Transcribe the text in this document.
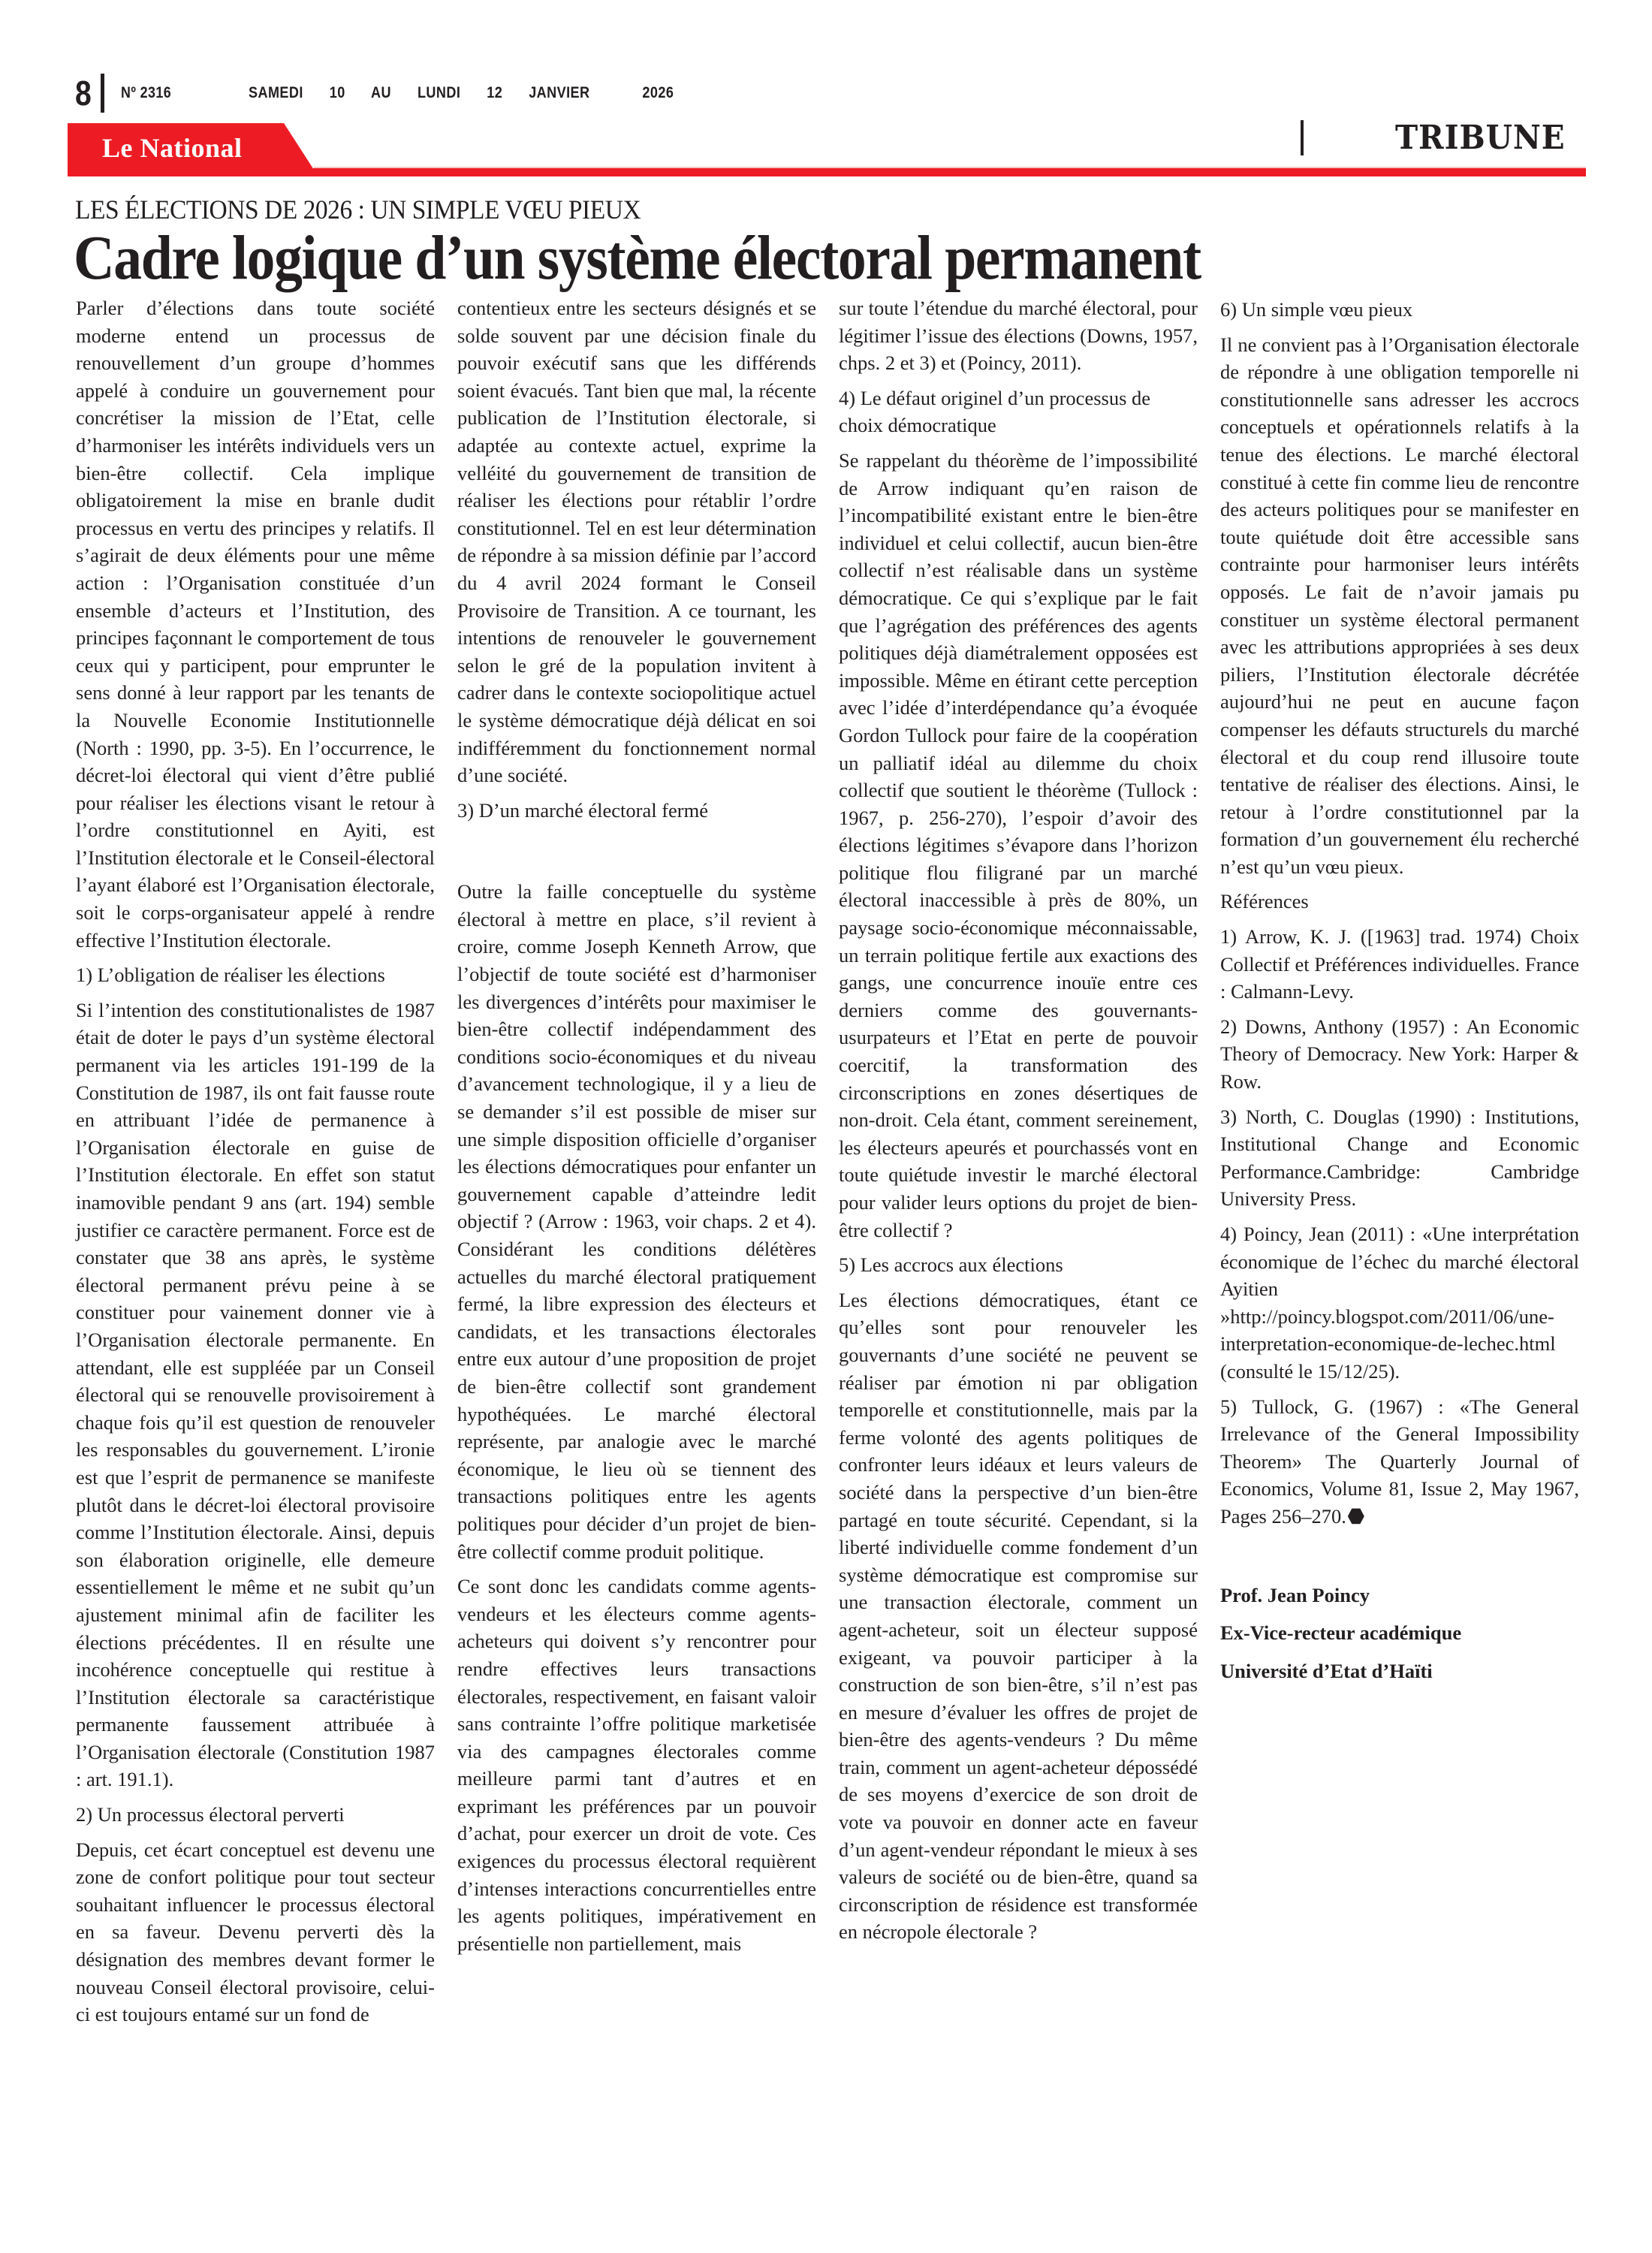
8 Nº 2316	SAMEDI  10  AU  LUNDI  12  JANVIER    2026
Le National	TRIBUNE
LES ÉLECTIONS DE 2026 : UN SIMPLE VŒU PIEUX
Cadre logique d’un système électoral permanent

Parler d’élections dans toute société moderne entend un processus de renouvellement d’un groupe d’hommes appelé à conduire un gouvernement pour concrétiser la mission de l’Etat, celle d’harmoniser les intérêts individuels vers un bien-être collectif. Cela implique obligatoirement la mise en branle dudit processus en vertu des principes y relatifs. Il s’agirait de deux éléments pour une même action : l’Organisation constituée d’un ensemble d’acteurs et l’Institution, des principes façonnant le comportement de tous ceux qui y participent, pour emprunter le sens donné à leur rapport par les tenants de la Nouvelle Economie Institutionnelle (North : 1990, pp. 3-5). En l’occurrence, le décret-loi électoral qui vient d’être publié pour réaliser les élections visant le retour à l’ordre constitutionnel en Ayiti, est l’Institution électorale et le Conseil-électoral l’ayant élaboré est l’Organisation électorale, soit le corps-organisateur appelé à rendre effective l’Institution électorale.

1) L’obligation de réaliser les élections

Si l’intention des constitutionalistes de 1987 était de doter le pays d’un système électoral permanent via les articles 191-199 de la Constitution de 1987, ils ont fait fausse route en attribuant l’idée de permanence à l’Organisation électorale en guise de l’Institution électorale. En effet son statut inamovible pendant 9 ans (art. 194) semble justifier ce caractère permanent. Force est de constater que 38 ans après, le système électoral permanent prévu peine à se constituer pour vainement donner vie à l’Organisation électorale permanente. En attendant, elle est suppléée par un Conseil électoral qui se renouvelle provisoirement à chaque fois qu’il est question de renouveler les responsables du gouvernement. L’ironie est que l’esprit de permanence se manifeste plutôt dans le décret-loi électoral provisoire comme l’Institution électorale. Ainsi, depuis son élaboration originelle, elle demeure essentiellement le même et ne subit qu’un ajustement minimal afin de faciliter les élections précédentes. Il en résulte une incohérence conceptuelle qui restitue à l’Institution électorale sa caractéristique permanente faussement attribuée à l’Organisation électorale (Constitution 1987 : art. 191.1).

2) Un processus électoral perverti

Depuis, cet écart conceptuel est devenu une zone de confort politique pour tout secteur souhaitant influencer le processus électoral en sa faveur. Devenu perverti dès la désignation des membres devant former le nouveau Conseil électoral provisoire, celui-ci est toujours entamé sur un fond de

contentieux entre les secteurs désignés et se solde souvent par une décision finale du pouvoir exécutif sans que les différends soient évacués. Tant bien que mal, la récente publication de l’Institution électorale, si adaptée au contexte actuel, exprime la velléité du gouvernement de transition de réaliser les élections pour rétablir l’ordre constitutionnel. Tel en est leur détermination de répondre à sa mission définie par l’accord du 4 avril 2024 formant le Conseil Provisoire de Transition. A ce tournant, les intentions de renouveler le gouvernement selon le gré de la population invitent à cadrer dans le contexte sociopolitique actuel le système démocratique déjà délicat en soi indifféremment du fonctionnement normal d’une société.

3) D’un marché électoral fermé

Outre la faille conceptuelle du système électoral à mettre en place, s’il revient à croire, comme Joseph Kenneth Arrow, que l’objectif de toute société est d’harmoniser les divergences d’intérêts pour maximiser le bien-être collectif indépendamment des conditions socio-économiques et du niveau d’avancement technologique, il y a lieu de se demander s’il est possible de miser sur une simple disposition officielle d’organiser les élections démocratiques pour enfanter un gouvernement capable d’atteindre ledit objectif ? (Arrow : 1963, voir chaps. 2 et 4). Considérant les conditions délétères actuelles du marché électoral pratiquement fermé, la libre expression des électeurs et candidats, et les transactions électorales entre eux autour d’une proposition de projet de bien-être collectif sont grandement hypothéquées. Le marché électoral représente, par analogie avec le marché économique, le lieu où se tiennent des transactions politiques entre les agents politiques pour décider d’un projet de bien-être collectif comme produit politique.

Ce sont donc les candidats comme agents-vendeurs et les électeurs comme agents-acheteurs qui doivent s’y rencontrer pour rendre effectives leurs transactions électorales, respectivement, en faisant valoir sans contrainte l’offre politique marketisée via des campagnes électorales comme meilleure parmi tant d’autres et en exprimant les préférences par un pouvoir d’achat, pour exercer un droit de vote. Ces exigences du processus électoral requièrent d’intenses interactions concurrentielles entre les agents politiques, impérativement en présentielle non partiellement, mais

sur toute l’étendue du marché électoral, pour légitimer l’issue des élections (Downs, 1957, chps. 2 et 3) et (Poincy, 2011).

4) Le défaut originel d’un processus de choix démocratique

Se rappelant du théorème de l’impossibilité de Arrow indiquant qu’en raison de l’incompatibilité existant entre le bien-être individuel et celui collectif, aucun bien-être collectif n’est réalisable dans un système démocratique. Ce qui s’explique par le fait que l’agrégation des préférences des agents politiques déjà diamétralement opposées est impossible. Même en étirant cette perception avec l’idée d’interdépendance qu’a évoquée Gordon Tullock pour faire de la coopération un palliatif idéal au dilemme du choix collectif que soutient le théorème (Tullock : 1967, p. 256-270), l’espoir d’avoir des élections légitimes s’évapore dans l’horizon politique flou filigrané par un marché électoral inaccessible à près de 80%, un paysage socio-économique méconnaissable, un terrain politique fertile aux exactions des gangs, une concurrence inouïe entre ces derniers comme des gouvernants-usurpateurs et l’Etat en perte de pouvoir coercitif, la transformation des circonscriptions en zones désertiques de non-droit. Cela étant, comment sereinement, les électeurs apeurés et pourchassés vont en toute quiétude investir le marché électoral pour valider leurs options du projet de bien-être collectif ?

5) Les accrocs aux élections

Les élections démocratiques, étant ce qu’elles sont pour renouveler les gouvernants d’une société ne peuvent se réaliser par émotion ni par obligation temporelle et constitutionnelle, mais par la ferme volonté des agents politiques de confronter leurs idéaux et leurs valeurs de société dans la perspective d’un bien-être partagé en toute sécurité. Cependant, si la liberté individuelle comme fondement d’un système démocratique est compromise sur une transaction électorale, comment un agent-acheteur, soit un électeur supposé exigeant, va pouvoir participer à la construction de son bien-être, s’il n’est pas en mesure d’évaluer les offres de projet de bien-être des agents-vendeurs ? Du même train, comment un agent-acheteur dépossédé de ses moyens d’exercice de son droit de vote va pouvoir en donner acte en faveur d’un agent-vendeur répondant le mieux à ses valeurs de société ou de bien-être, quand sa circonscription de résidence est transformée en nécropole électorale ?

6) Un simple vœu pieux

Il ne convient pas à l’Organisation électorale de répondre à une obligation temporelle ni constitutionnelle sans adresser les accrocs conceptuels et opérationnels relatifs à la tenue des élections. Le marché électoral constitué à cette fin comme lieu de rencontre des acteurs politiques pour se manifester en toute quiétude doit être accessible sans contrainte pour harmoniser leurs intérêts opposés. Le fait de n’avoir jamais pu constituer un système électoral permanent avec les attributions appropriées à ses deux piliers, l’Institution électorale décrétée aujourd’hui ne peut en aucune façon compenser les défauts structurels du marché électoral et du coup rend illusoire toute tentative de réaliser des élections. Ainsi, le retour à l’ordre constitutionnel par la formation d’un gouvernement élu recherché n’est qu’un vœu pieux.

Références

1) Arrow, K. J. ([1963] trad. 1974) Choix Collectif et Préférences individuelles. France : Calmann-Levy.

2) Downs, Anthony (1957) : An Economic Theory of Democracy. New York: Harper & Row.

3) North, C. Douglas (1990) : Institutions, Institutional Change and Economic Performance.Cambridge: Cambridge University Press.

4) Poincy, Jean (2011) : «Une interprétation économique de l’échec du marché électoral Ayitien »http://poincy.blogspot.com/2011/06/une-interpretation-economique-de-lechec.html (consulté le 15/12/25).

5) Tullock, G. (1967) : «The General Irrelevance of the General Impossibility Theorem» The Quarterly Journal of Economics, Volume 81, Issue 2, May 1967, Pages 256–270.

Prof. Jean Poincy

Ex-Vice-recteur académique

Université d’Etat d’Haïti
